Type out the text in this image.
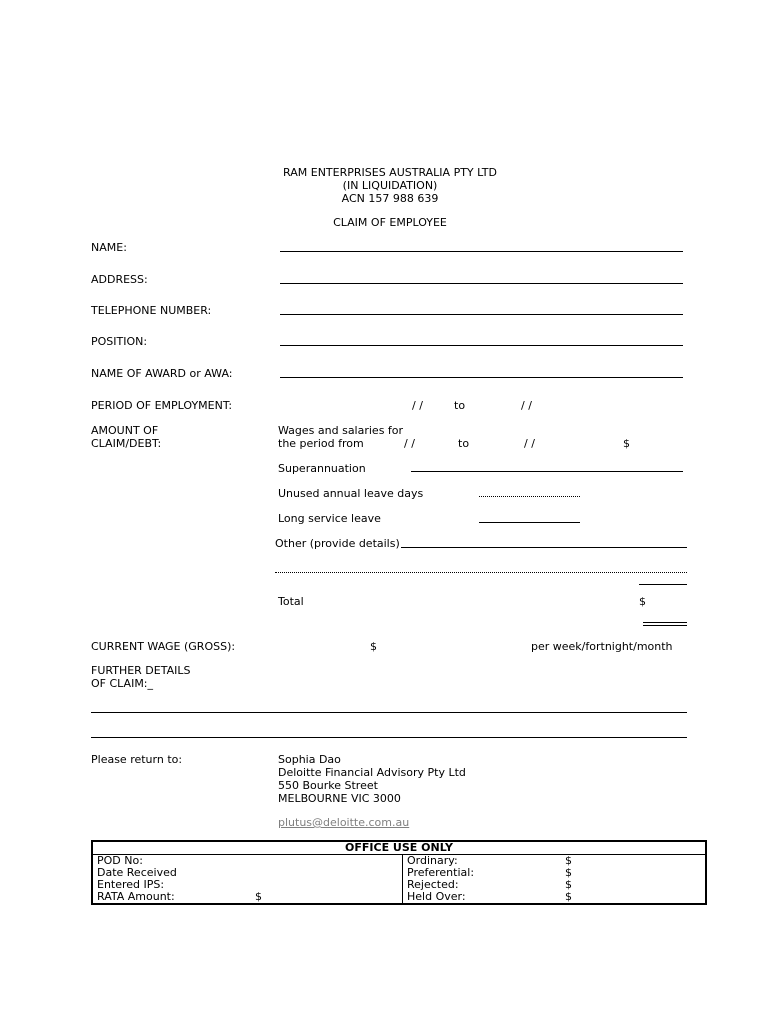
RAM ENTERPRISES AUSTRALIA PTY LTD
(IN LIQUIDATION)
ACN 157 988 639
CLAIM OF EMPLOYEE
NAME:
ADDRESS:
TELEPHONE NUMBER:
POSITION:
NAME OF AWARD or AWA:
PERIOD OF EMPLOYMENT:	/ /	to	/ /
AMOUNT OF
CLAIM/DEBT:
Wages and salaries for
the period from	/ /	to	/ /	$
Superannuation
Unused annual leave days
Long service leave
Other (provide details)
Total	$
CURRENT WAGE (GROSS):	$	per week/fortnight/month
FURTHER DETAILS
OF CLAIM:_
Please return to:	Sophia Dao
Deloitte Financial Advisory Pty Ltd
550 Bourke Street
MELBOURNE VIC 3000
plutus@deloitte.com.au
OFFICE USE ONLY			
POD No:		Ordinary:	$
Date Received		Preferential:	$
Entered IPS:		Rejected:	$
RATA Amount:	$	Held Over:	$
